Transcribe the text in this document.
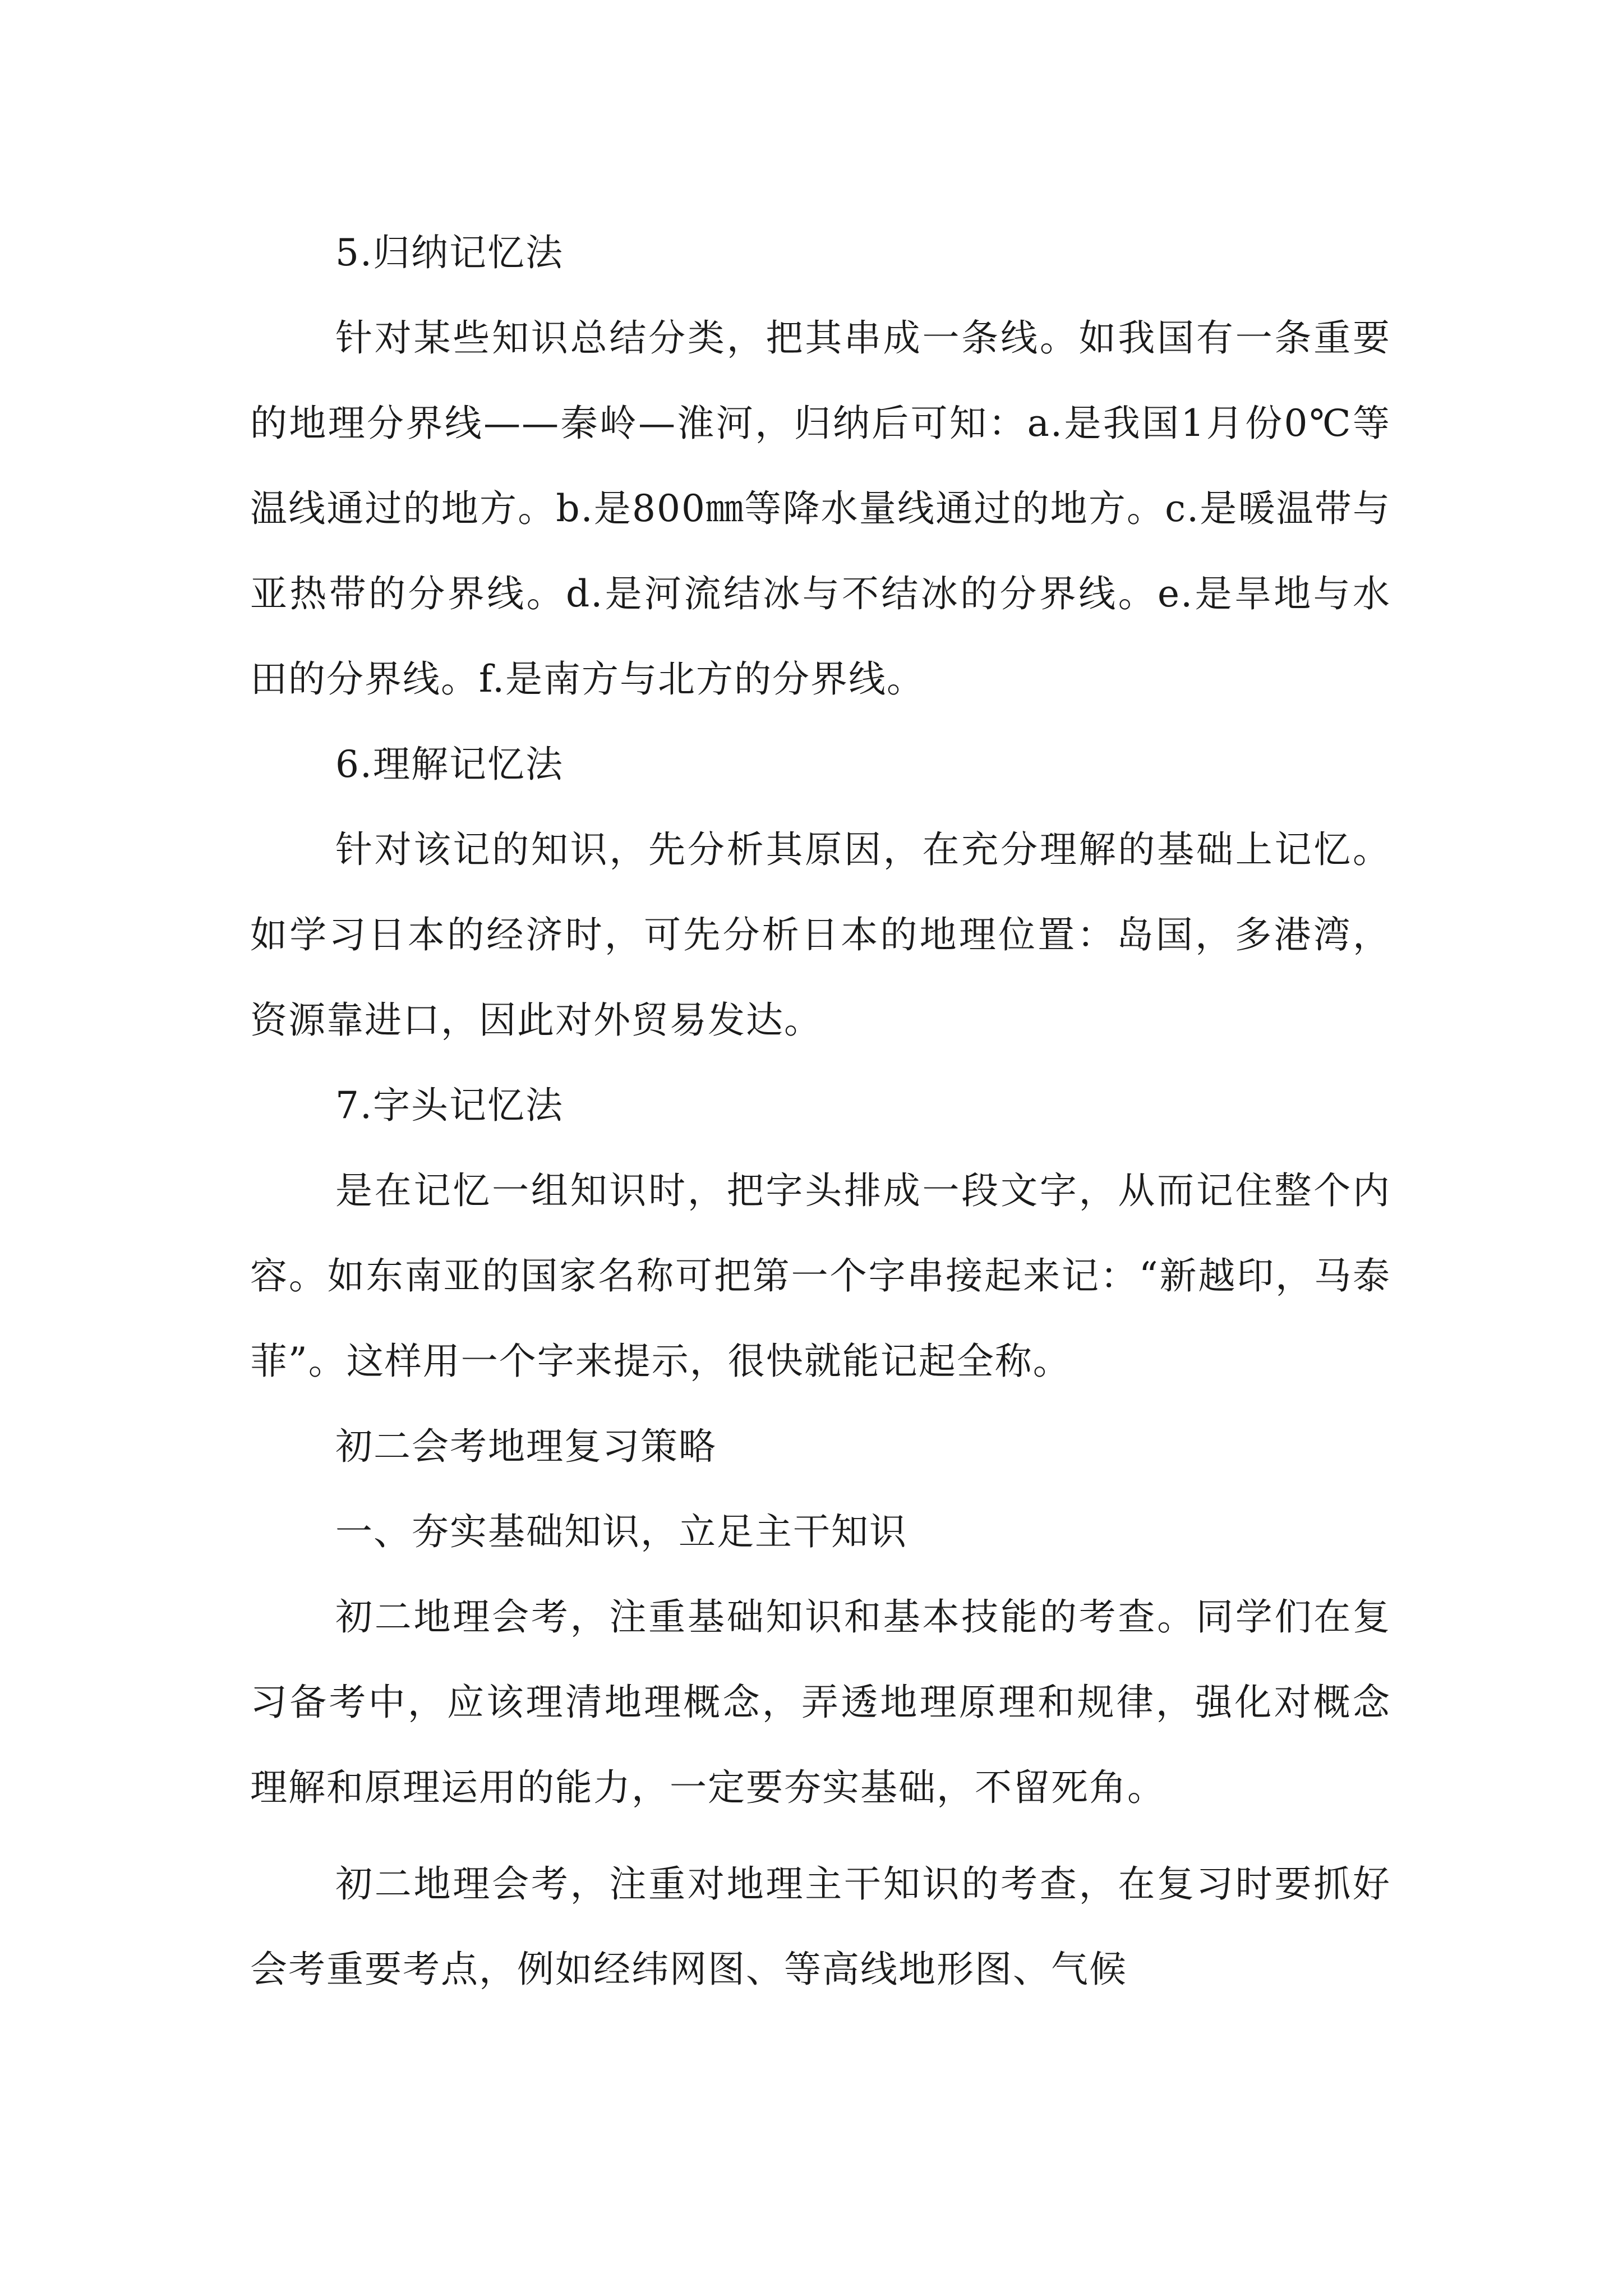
5.归纳记忆法

针对某些知识总结分类，把其串成一条线。如我国有一条重要的地理分界线——秦岭—淮河，归纳后可知：a.是我国1月份0℃等温线通过的地方。b.是800㎜等降水量线通过的地方。c.是暖温带与亚热带的分界线。d.是河流结冰与不结冰的分界线。e.是旱地与水田的分界线。f.是南方与北方的分界线。

6.理解记忆法

针对该记的知识，先分析其原因，在充分理解的基础上记忆。如学习日本的经济时，可先分析日本的地理位置：岛国，多港湾，资源靠进口，因此对外贸易发达。

7.字头记忆法

是在记忆一组知识时，把字头排成一段文字，从而记住整个内容。如东南亚的国家名称可把第一个字串接起来记：“新越印，马泰菲”。这样用一个字来提示，很快就能记起全称。

初二会考地理复习策略

一、夯实基础知识，立足主干知识

初二地理会考，注重基础知识和基本技能的考查。同学们在复习备考中，应该理清地理概念，弄透地理原理和规律，强化对概念理解和原理运用的能力，一定要夯实基础，不留死角。

初二地理会考，注重对地理主干知识的考查，在复习时要抓好会考重要考点，例如经纬网图、等高线地形图、气候
